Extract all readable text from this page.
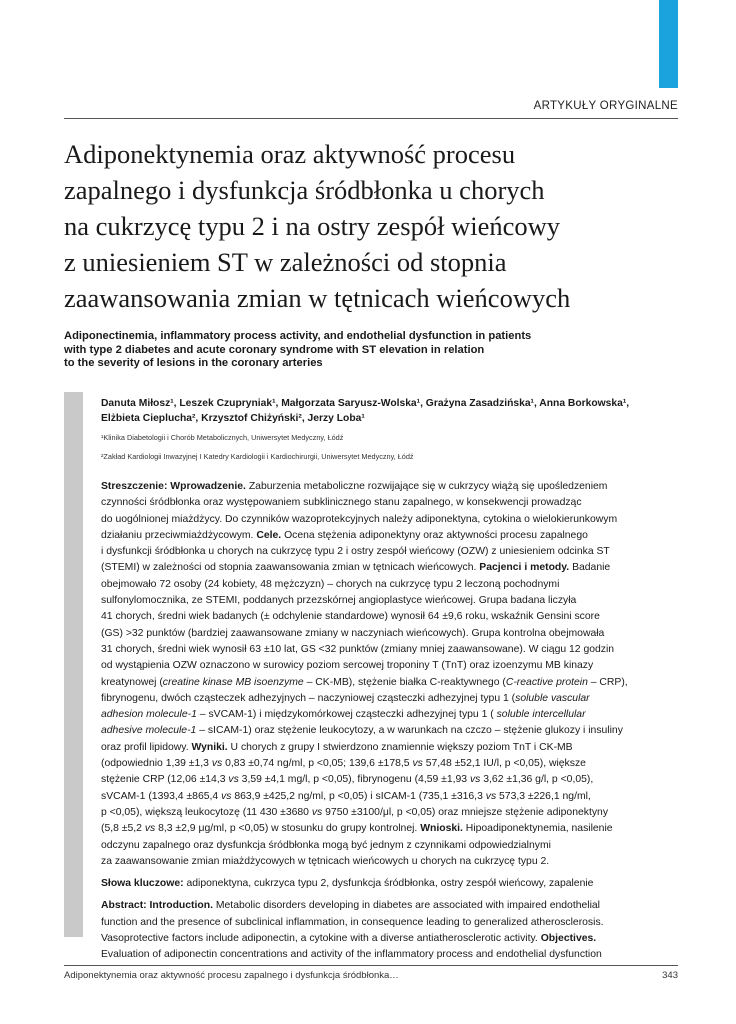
ARTYKUŁY ORYGINALNE
Adiponektynemia oraz aktywność procesu
zapalnego i dysfunkcja śródbłonka u chorych
na cukrzycę typu 2 i na ostry zespół wieńcowy
z uniesieniem ST w zależności od stopnia
zaawansowania zmian w tętnicach wieńcowych
Adiponectinemia, inflammatory process activity, and endothelial dysfunction in patients
with type 2 diabetes and acute coronary syndrome with ST elevation in relation
to the severity of lesions in the coronary arteries
Danuta Miłosz¹, Leszek Czupryniak¹, Małgorzata Saryusz-Wolska¹, Grażyna Zasadzińska¹, Anna Borkowska¹,
Elżbieta Cieplucha², Krzysztof Chiżyński², Jerzy Loba¹
¹Klinika Diabetologii i Chorób Metabolicznych, Uniwersytet Medyczny, Łódź
²Zakład Kardiologii Inwazyjnej I Katedry Kardiologii i Kardiochirurgii, Uniwersytet Medyczny, Łódź
Streszczenie: Wprowadzenie. Zaburzenia metaboliczne rozwijające się w cukrzycy wiążą się upośledzeniem
czynności śródbłonka oraz występowaniem subklinicznego stanu zapalnego, w konsekwencji prowadząc
do uogólnionej miażdżycy. Do czynników wazoprotekcyjnych należy adiponektyna, cytokina o wielokierunkowym
działaniu przeciwmiażdżycowym. Cele. Ocena stężenia adiponektyny oraz aktywności procesu zapalnego
i dysfunkcji śródbłonka u chorych na cukrzycę typu 2 i ostry zespół wieńcowy (OZW) z uniesieniem odcinka ST
(STEMI) w zależności od stopnia zaawansowania zmian w tętnicach wieńcowych. Pacjenci i metody. Badanie
obejmowało 72 osoby (24 kobiety, 48 mężczyzn) – chorych na cukrzycę typu 2 leczoną pochodnymi
sulfonylomocznika, ze STEMI, poddanych przezskórnej angioplastyce wieńcowej. Grupa badana liczyła
41 chorych, średni wiek badanych (± odchylenie standardowe) wynosił 64 ±9,6 roku, wskaźnik Gensini score
(GS) >32 punktów (bardziej zaawansowane zmiany w naczyniach wieńcowych). Grupa kontrolna obejmowała
31 chorych, średni wiek wynosił 63 ±10 lat, GS <32 punktów (zmiany mniej zaawansowane). W ciągu 12 godzin
od wystąpienia OZW oznaczono w surowicy poziom sercowej troponiny T (TnT) oraz izoenzymu MB kinazy
kreatynowej (creatine kinase MB isoenzyme – CK-MB), stężenie białka C-reaktywnego (C-reactive protein – CRP),
fibrynogenu, dwóch cząsteczek adhezyjnych – naczyniowej cząsteczki adhezyjnej typu 1 (soluble vascular
adhesion molecule-1 – sVCAM-1) i międzykomórkowej cząsteczki adhezyjnej typu 1 ( soluble intercellular
adhesive molecule-1 – sICAM-1) oraz stężenie leukocytozy, a w warunkach na czczo – stężenie glukozy i insuliny
oraz profil lipidowy. Wyniki. U chorych z grupy I stwierdzono znamiennie większy poziom TnT i CK-MB
(odpowiednio 1,39 ±1,3 vs 0,83 ±0,74 ng/ml, p <0,05; 139,6 ±178,5 vs 57,48 ±52,1 IU/l, p <0,05), większe
stężenie CRP (12,06 ±14,3 vs 3,59 ±4,1 mg/l, p <0,05), fibrynogenu (4,59 ±1,93 vs 3,62 ±1,36 g/l, p <0,05),
sVCAM-1 (1393,4 ±865,4 vs 863,9 ±425,2 ng/ml, p <0,05) i sICAM-1 (735,1 ±316,3 vs 573,3 ±226,1 ng/ml,
p <0,05), większą leukocytozę (11 430 ±3680 vs 9750 ±3100/μl, p <0,05) oraz mniejsze stężenie adiponektyny
(5,8 ±5,2 vs 8,3 ±2,9 μg/ml, p <0,05) w stosunku do grupy kontrolnej. Wnioski. Hipoadiponektynemia, nasilenie
odczynu zapalnego oraz dysfunkcja śródbłonka mogą być jednym z czynnikami odpowiedzialnymi
za zaawansowanie zmian miażdżycowych w tętnicach wieńcowych u chorych na cukrzycę typu 2.
Słowa kluczowe: adiponektyna, cukrzyca typu 2, dysfunkcja śródbłonka, ostry zespół wieńcowy, zapalenie
Abstract: Introduction. Metabolic disorders developing in diabetes are associated with impaired endothelial
function and the presence of subclinical inflammation, in consequence leading to generalized atherosclerosis.
Vasoprotective factors include adiponectin, a cytokine with a diverse antiatherosclerotic activity. Objectives.
Evaluation of adiponectin concentrations and activity of the inflammatory process and endothelial dysfunction
Adiponektynemia oraz aktywność procesu zapalnego i dysfunkcja śródbłonka…	343
